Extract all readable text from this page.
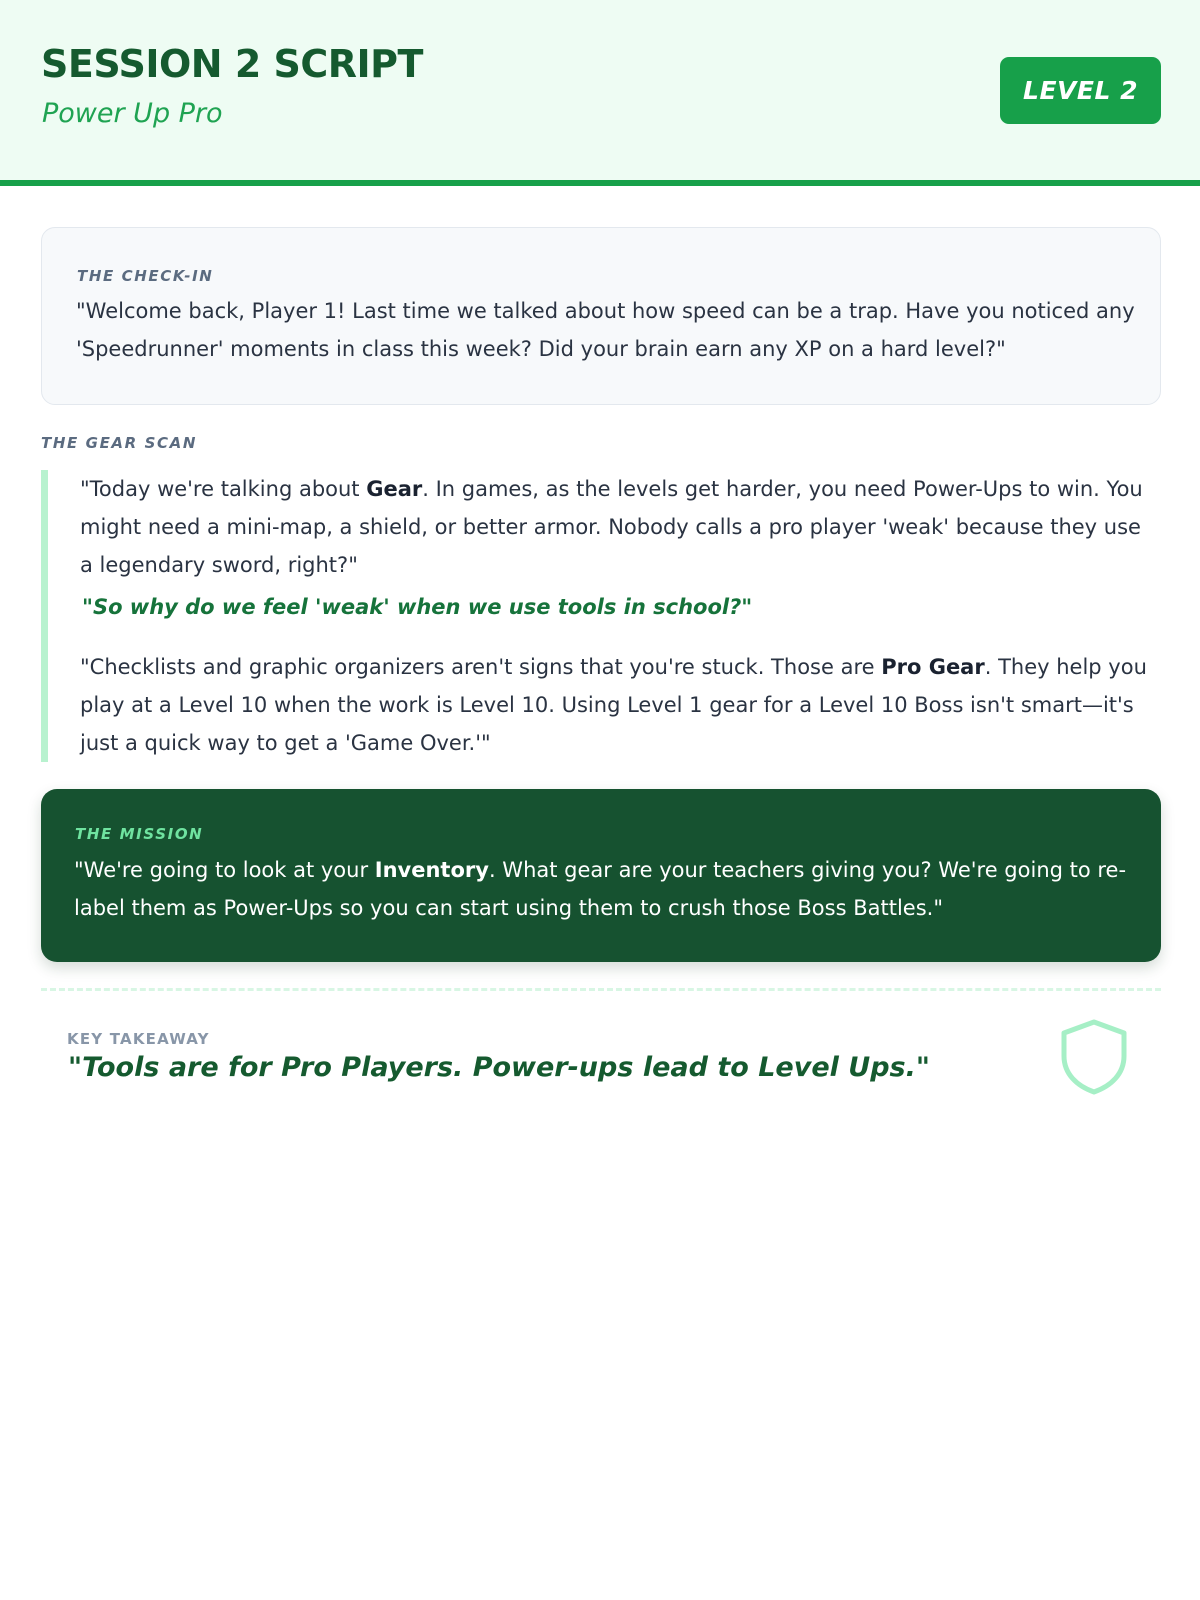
SESSION 2 SCRIPT
Power Up Pro
LEVEL 2
THE CHECK-IN
"Welcome back, Player 1! Last time we talked about how speed can be a trap. Have you noticed any 'Speedrunner' moments in class this week? Did your brain earn any XP on a hard level?"
THE GEAR SCAN
"Today we're talking about Gear. In games, as the levels get harder, you need Power-Ups to win. You might need a mini-map, a shield, or better armor. Nobody calls a pro player 'weak' because they use a legendary sword, right?"
"So why do we feel 'weak' when we use tools in school?"
"Checklists and graphic organizers aren't signs that you're stuck. Those are Pro Gear. They help you play at a Level 10 when the work is Level 10. Using Level 1 gear for a Level 10 Boss isn't smart—it's just a quick way to get a 'Game Over.'"
THE MISSION
"We're going to look at your Inventory. What gear are your teachers giving you? We're going to re-label them as Power-Ups so you can start using them to crush those Boss Battles."
KEY TAKEAWAY
"Tools are for Pro Players. Power-ups lead to Level Ups."
